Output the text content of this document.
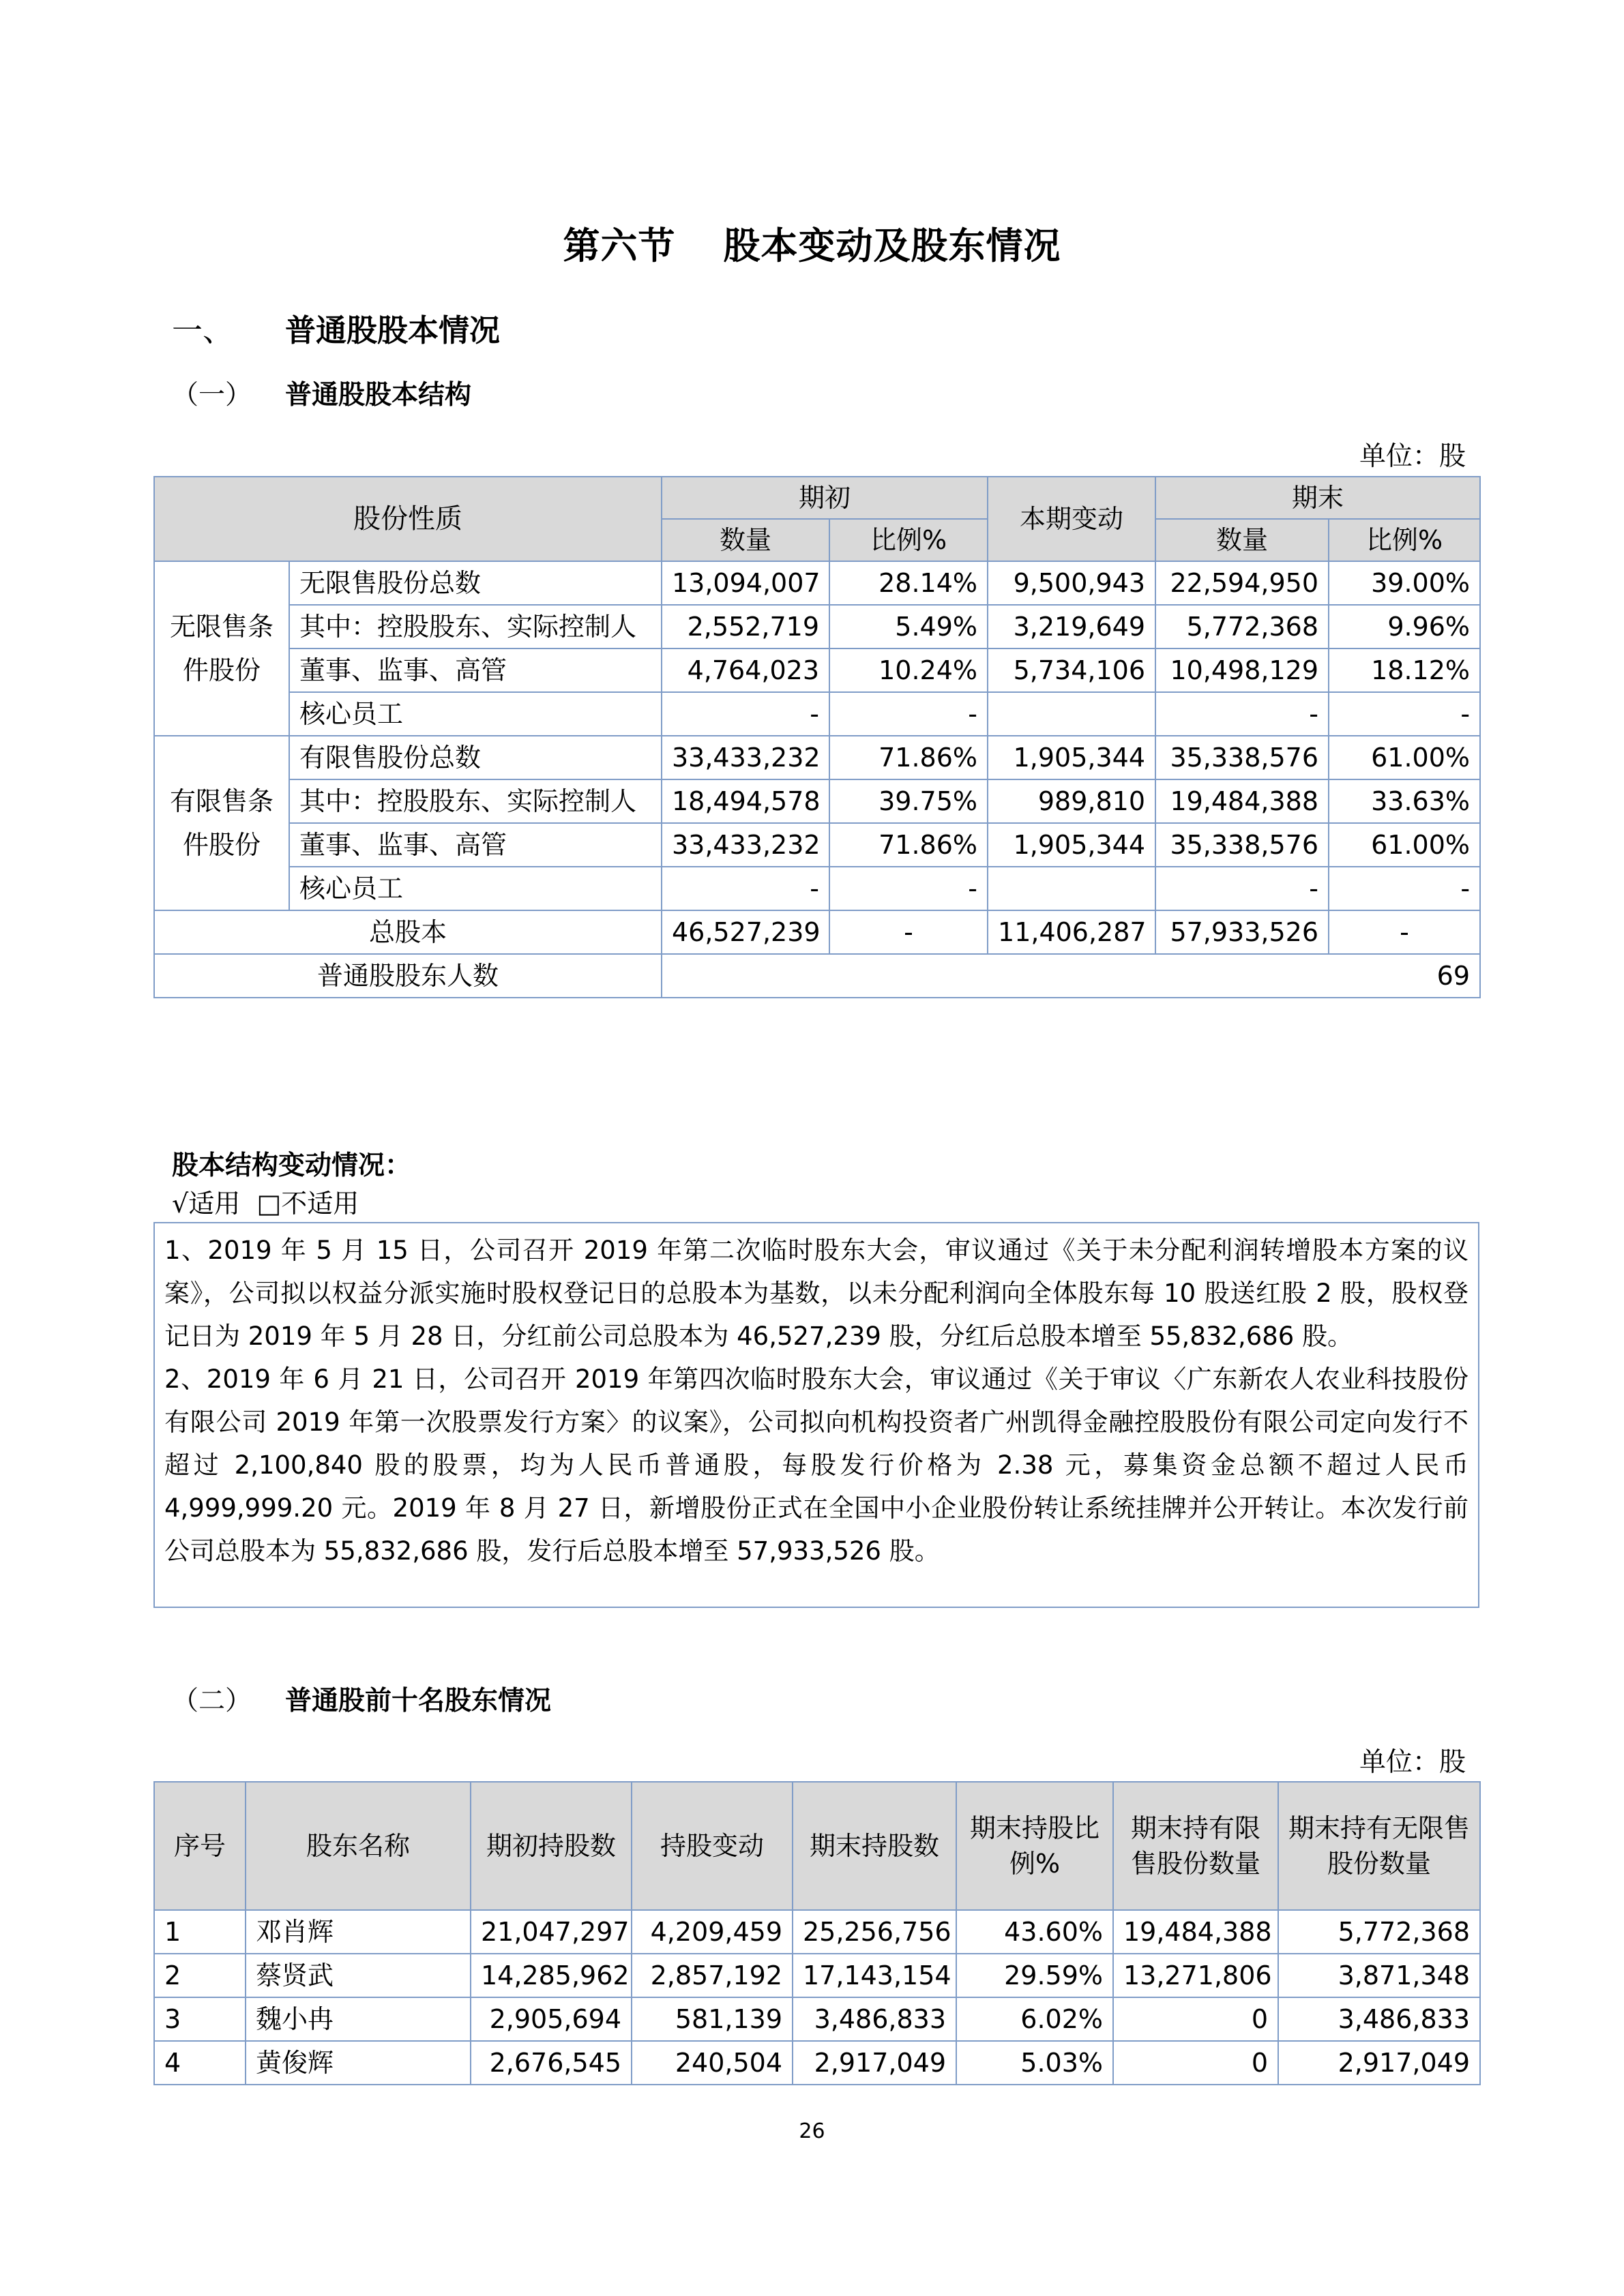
第六节 股本变动及股东情况
一、 普通股股本情况
（一） 普通股股本结构
单位：股
股份性质		期初		本期变动	期末	
		数量	比例%		数量	比例%
无限售条件股份	无限售股份总数	13,094,007	28.14%	9,500,943	22,594,950	39.00%
	其中：控股股东、实际控制人	2,552,719	5.49%	3,219,649	5,772,368	9.96%
	董事、监事、高管	4,764,023	10.24%	5,734,106	10,498,129	18.12%
	核心员工	-	-		-	-
有限售条件股份	有限售股份总数	33,433,232	71.86%	1,905,344	35,338,576	61.00%
	其中：控股股东、实际控制人	18,494,578	39.75%	989,810	19,484,388	33.63%
	董事、监事、高管	33,433,232	71.86%	1,905,344	35,338,576	61.00%
	核心员工	-	-		-	-
总股本		46,527,239	-	11,406,287	57,933,526	-
普通股股东人数		69				
股本结构变动情况：
√适用 □不适用

1、2019 年 5 月 15 日，公司召开 2019 年第二次临时股东大会，审议通过《关于未分配利润转增股本方案的议案》，公司拟以权益分派实施时股权登记日的总股本为基数，以未分配利润向全体股东每 10 股送红股 2 股，股权登记日为 2019 年 5 月 28 日，分红前公司总股本为 46,527,239 股，分红后总股本增至 55,832,686 股。

2、2019 年 6 月 21 日，公司召开 2019 年第四次临时股东大会，审议通过《关于审议〈广东新农人农业科技股份有限公司 2019 年第一次股票发行方案〉的议案》，公司拟向机构投资者广州凯得金融控股股份有限公司定向发行不超过 2,100,840 股的股票，均为人民币普通股，每股发行价格为 2.38 元，募集资金总额不超过人民币 4,999,999.20 元。2019 年 8 月 27 日，新增股份正式在全国中小企业股份转让系统挂牌并公开转让。本次发行前公司总股本为 55,832,686 股，发行后总股本增至 57,933,526 股。

（二） 普通股前十名股东情况
单位：股
序号	股东名称	期初持股数	持股变动	期末持股数	期末持股比例%	期末持有限售股份数量	期末持有无限售股份数量
1	邓肖辉	21,047,297	4,209,459	25,256,756	43.60%	19,484,388	5,772,368
2	蔡贤武	14,285,962	2,857,192	17,143,154	29.59%	13,271,806	3,871,348
3	魏小冉	2,905,694	581,139	3,486,833	6.02%	0	3,486,833
4	黄俊辉	2,676,545	240,504	2,917,049	5.03%	0	2,917,049
26
